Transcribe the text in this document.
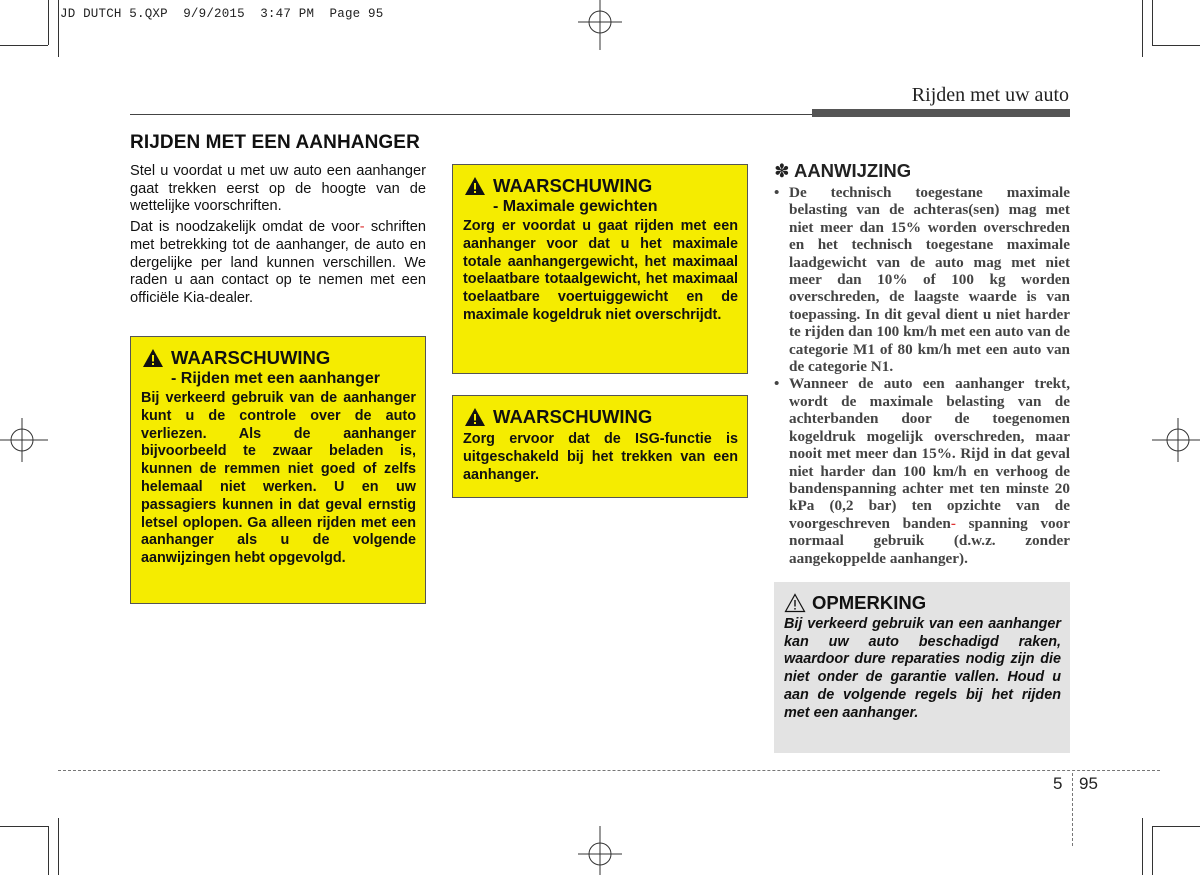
JD DUTCH 5.QXP  9/9/2015  3:47 PM  Page 95
Rijden met uw auto
RIJDEN MET EEN AANHANGER

Stel u voordat u met uw auto een aanhanger gaat trekken eerst op de hoogte van de wettelijke voorschriften.

Dat is noodzakelijk omdat de voor- schriften met betrekking tot de aanhanger, de auto en dergelijke per land kunnen verschillen. We raden u aan contact op te nemen met een officiële Kia-dealer.

WAARSCHUWING
- Rijden met een aanhanger
Bij verkeerd gebruik van de aanhanger kunt u de controle over de auto verliezen. Als de aanhanger bijvoorbeeld te zwaar beladen is, kunnen de remmen niet goed of zelfs helemaal niet werken. U en uw passagiers kunnen in dat geval ernstig letsel oplopen. Ga alleen rijden met een aanhanger als u de volgende aanwijzingen hebt opgevolgd.
WAARSCHUWING
- Maximale gewichten
Zorg er voordat u gaat rijden met een aanhanger voor dat u het maximale totale aanhangergewicht, het maximaal toelaatbare totaalgewicht, het maximaal toelaatbare voertuiggewicht en de maximale kogeldruk niet overschrijdt.
WAARSCHUWING
Zorg ervoor dat de ISG-functie is uitgeschakeld bij het trekken van een aanhanger.
✽ AANWIJZING
• De technisch toegestane maximale belasting van de achteras(sen) mag met niet meer dan 15% worden overschreden en het technisch toegestane maximale laadgewicht van de auto mag met niet meer dan 10% of 100 kg worden overschreden, de laagste waarde is van toepassing. In dit geval dient u niet harder te rijden dan 100 km/h met een auto van de categorie M1 of 80 km/h met een auto van de categorie N1.
• Wanneer de auto een aanhanger trekt, wordt de maximale belasting van de achterbanden door de toegenomen kogeldruk mogelijk overschreden, maar nooit met meer dan 15%. Rijd in dat geval niet harder dan 100 km/h en verhoog de bandenspanning achter met ten minste 20 kPa (0,2 bar) ten opzichte van de voorgeschreven banden- spanning voor normaal gebruik (d.w.z. zonder aangekoppelde aanhanger).
OPMERKING
Bij verkeerd gebruik van een aanhanger kan uw auto beschadigd raken, waardoor dure reparaties nodig zijn die niet onder de garantie vallen. Houd u aan de volgende regels bij het rijden met een aanhanger.
5 95
